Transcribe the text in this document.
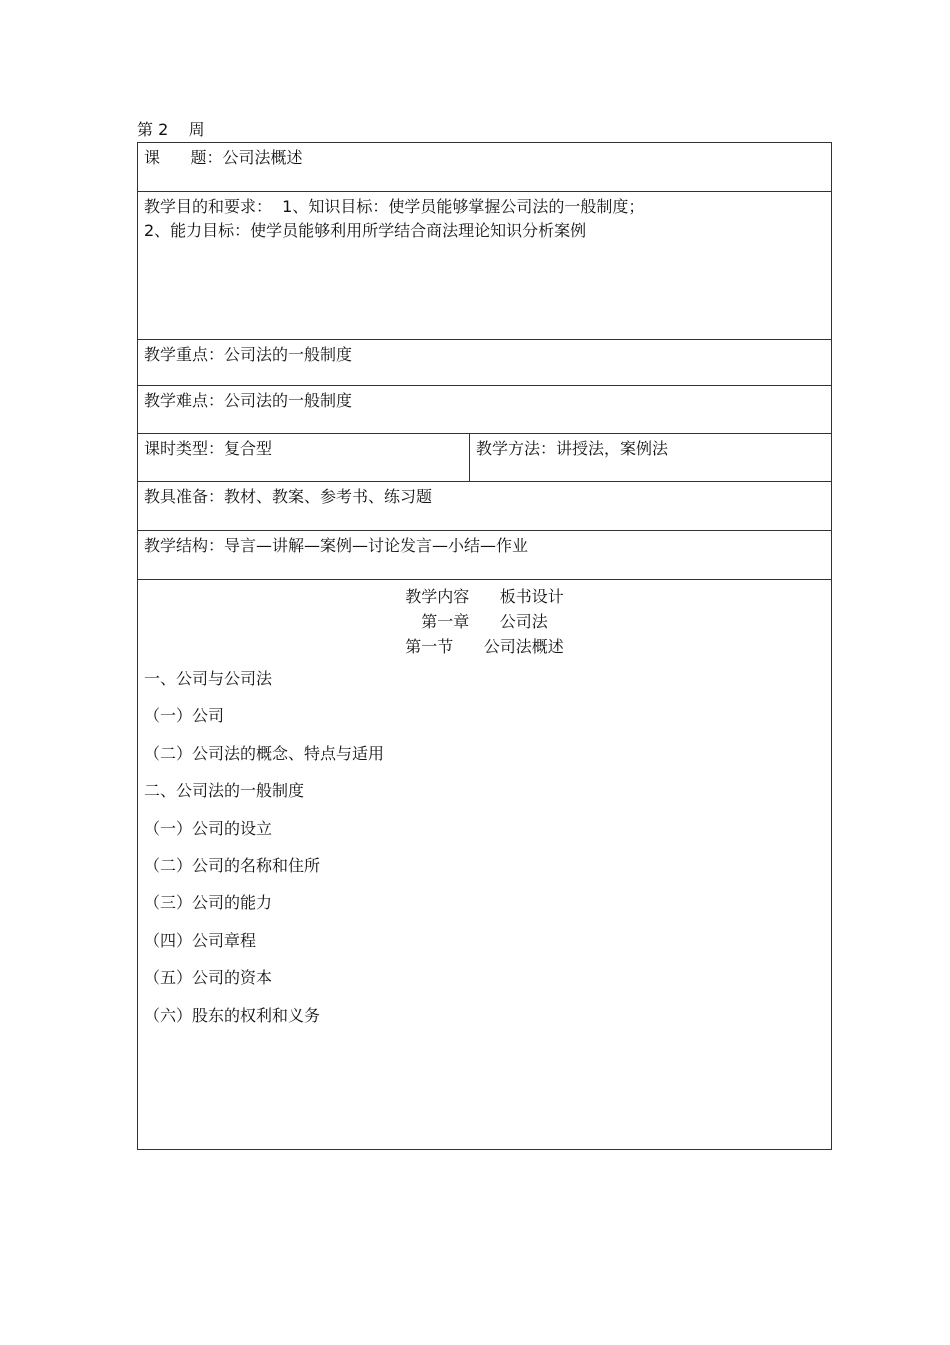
第 2    周
课      题：公司法概述

教学目的和要求：  1、知识目标：使学员能够掌握公司法的一般制度；
2、能力目标：使学员能够利用所学结合商法理论知识分析案例

教学重点：公司法的一般制度
教学难点：公司法的一般制度
课时类型：复合型	教学方法：讲授法，案例法
教具准备：教材、教案、参考书、练习题
教学结构：导言—讲解—案例—讨论发言—小结—作业

教学内容      板书设计
第一章      公司法
第一节      公司法概述
一、公司与公司法
（一）公司
（二）公司法的概念、特点与适用
二、公司法的一般制度
（一）公司的设立
（二）公司的名称和住所
（三）公司的能力
（四）公司章程
（五）公司的资本
（六）股东的权利和义务
